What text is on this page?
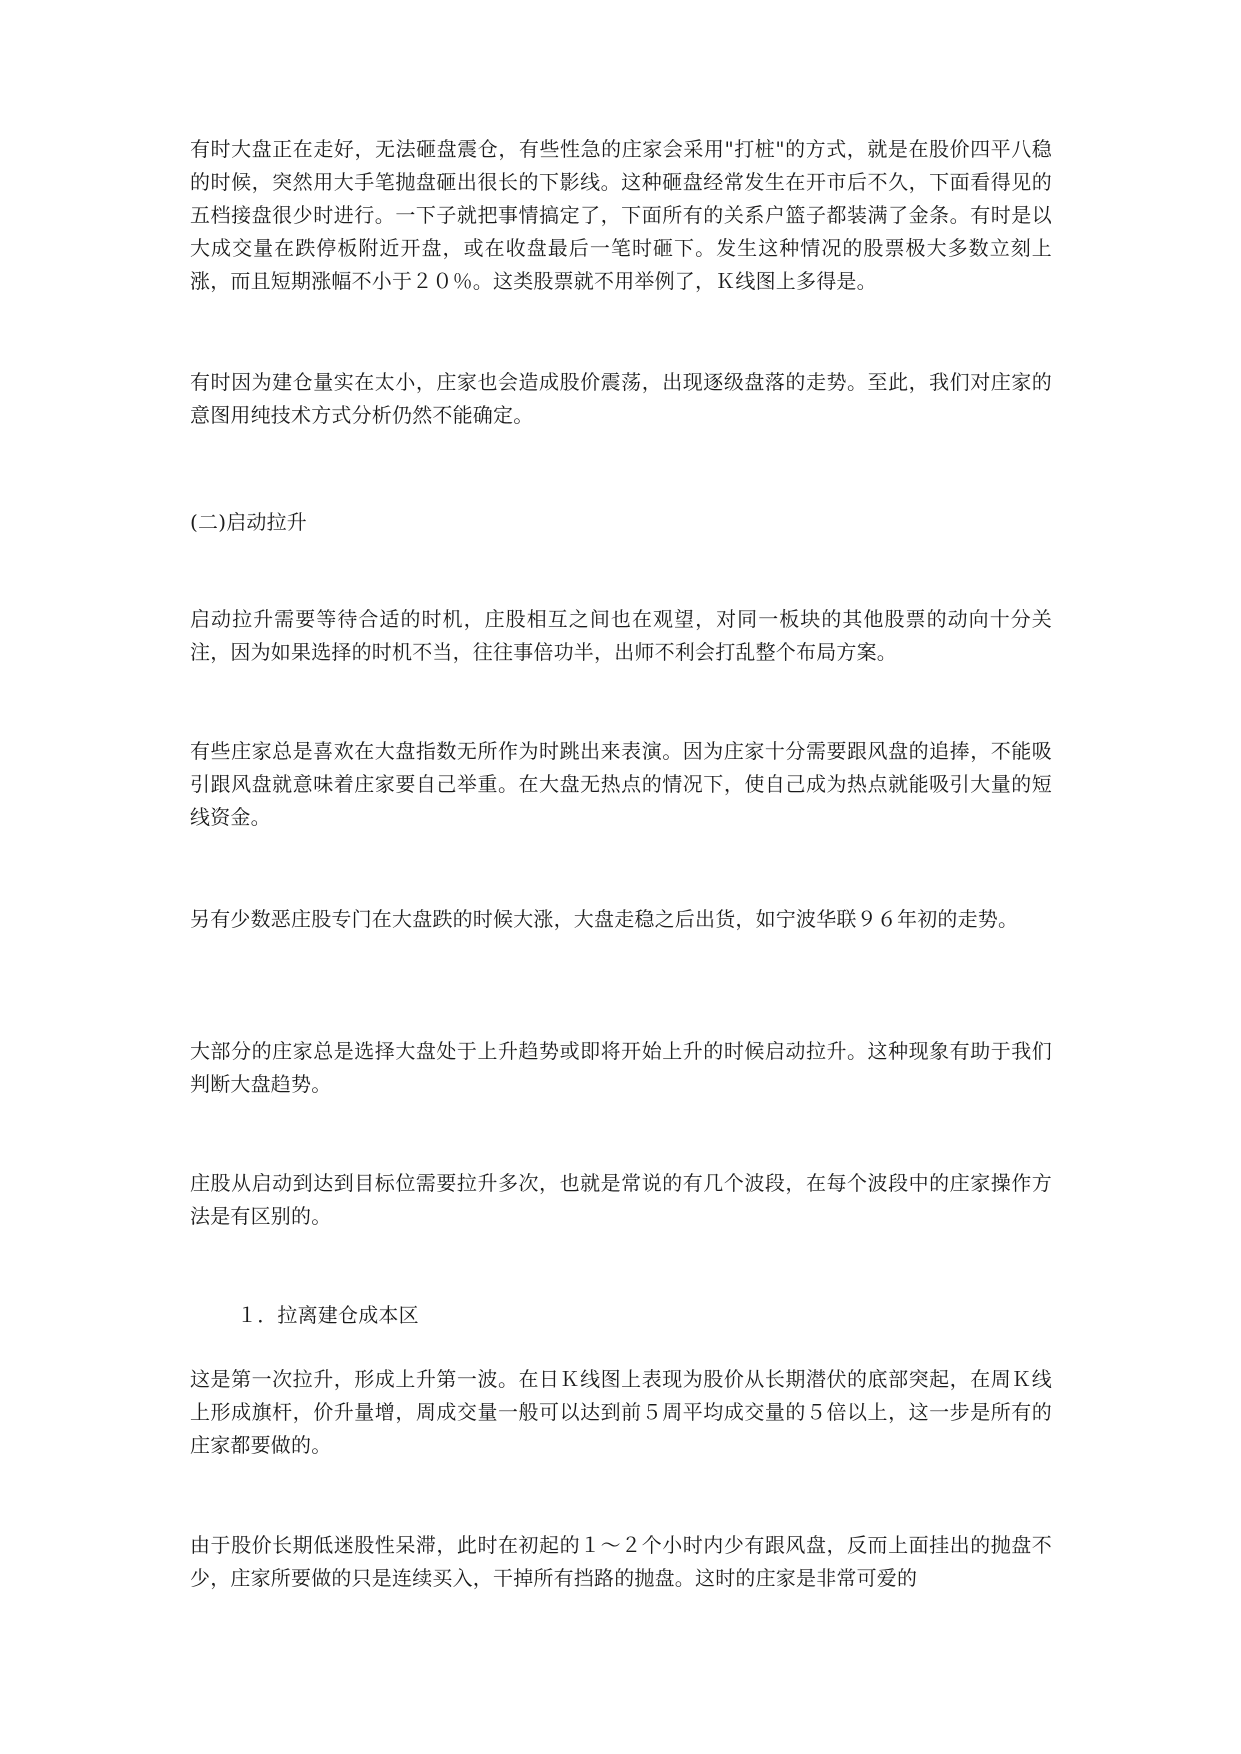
有时大盘正在走好，无法砸盘震仓，有些性急的庄家会采用"打桩"的方式，就是在股价四平八稳的时候，突然用大手笔抛盘砸出很长的下影线。这种砸盘经常发生在开市后不久，下面看得见的五档接盘很少时进行。一下子就把事情搞定了，下面所有的关系户篮子都装满了金条。有时是以大成交量在跌停板附近开盘，或在收盘最后一笔时砸下。发生这种情况的股票极大多数立刻上涨，而且短期涨幅不小于２０％。这类股票就不用举例了，Ｋ线图上多得是。

有时因为建仓量实在太小，庄家也会造成股价震荡，出现逐级盘落的走势。至此，我们对庄家的意图用纯技术方式分析仍然不能确定。

(二)启动拉升

启动拉升需要等待合适的时机，庄股相互之间也在观望，对同一板块的其他股票的动向十分关注，因为如果选择的时机不当，往往事倍功半，出师不利会打乱整个布局方案。

有些庄家总是喜欢在大盘指数无所作为时跳出来表演。因为庄家十分需要跟风盘的追捧，不能吸引跟风盘就意味着庄家要自己举重。在大盘无热点的情况下，使自己成为热点就能吸引大量的短线资金。

另有少数恶庄股专门在大盘跌的时候大涨，大盘走稳之后出货，如宁波华联９６年初的走势。

大部分的庄家总是选择大盘处于上升趋势或即将开始上升的时候启动拉升。这种现象有助于我们判断大盘趋势。

庄股从启动到达到目标位需要拉升多次，也就是常说的有几个波段，在每个波段中的庄家操作方法是有区别的。

１．拉离建仓成本区

这是第一次拉升，形成上升第一波。在日Ｋ线图上表现为股价从长期潜伏的底部突起，在周Ｋ线上形成旗杆，价升量增，周成交量一般可以达到前５周平均成交量的５倍以上，这一步是所有的庄家都要做的。

由于股价长期低迷股性呆滞，此时在初起的１～２个小时内少有跟风盘，反而上面挂出的抛盘不少，庄家所要做的只是连续买入，干掉所有挡路的抛盘。这时的庄家是非常可爱的
